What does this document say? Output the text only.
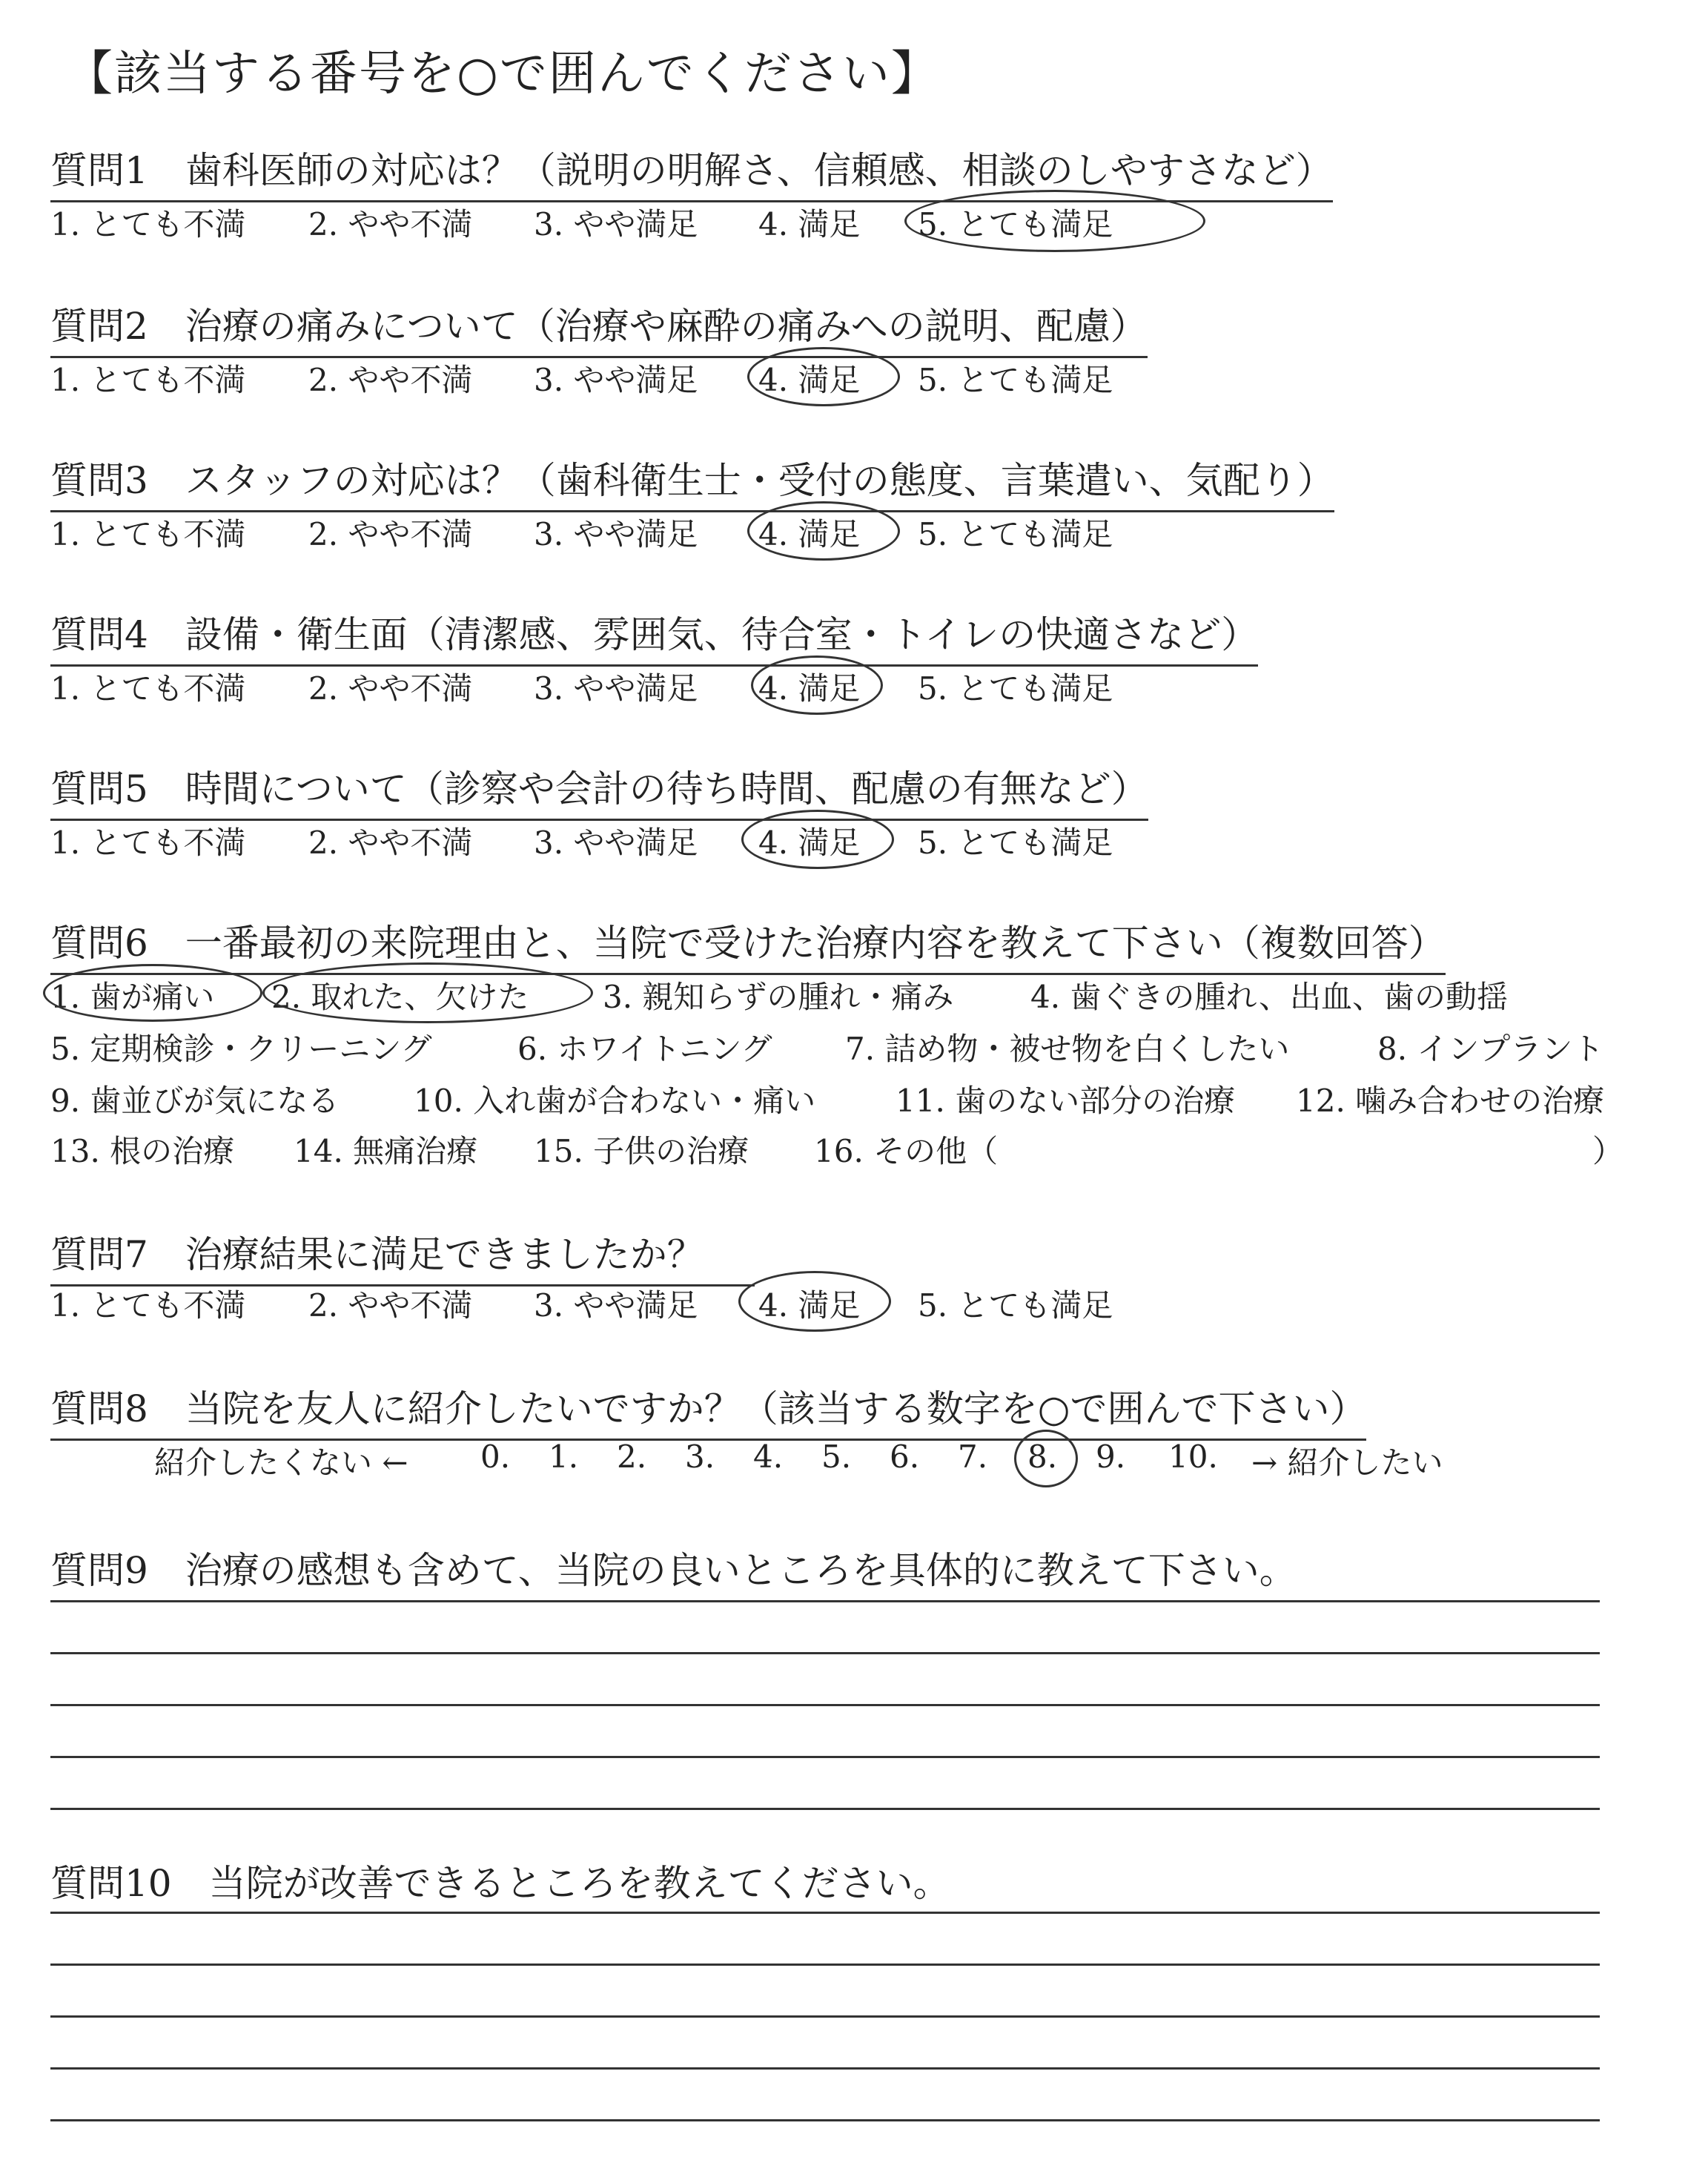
【該当する番号を○で囲んでください】
質問1　歯科医師の対応は？（説明の明解さ、信頼感、相談のしやすさなど）
1. とても不満 2. やや不満 3. やや満足 4. 満足 5. とても満足
質問2　治療の痛みについて（治療や麻酔の痛みへの説明、配慮）
1. とても不満 2. やや不満 3. やや満足 4. 満足 5. とても満足
質問3　スタッフの対応は？（歯科衛生士・受付の態度、言葉遣い、気配り）
1. とても不満 2. やや不満 3. やや満足 4. 満足 5. とても満足
質問4　設備・衛生面（清潔感、雰囲気、待合室・トイレの快適さなど）
1. とても不満 2. やや不満 3. やや満足 4. 満足 5. とても満足
質問5　時間について（診察や会計の待ち時間、配慮の有無など）
1. とても不満 2. やや不満 3. やや満足 4. 満足 5. とても満足
質問6　一番最初の来院理由と、当院で受けた治療内容を教えて下さい（複数回答）
1. 歯が痛い 2. 取れた、欠けた 3. 親知らずの腫れ・痛み 4. 歯ぐきの腫れ、出血、歯の動揺
5. 定期検診・クリーニング	6. ホワイトニング 7. 詰め物・被せ物を白くしたい	8. インプラント
9. 歯並びが気になる 10. 入れ歯が合わない・痛い	11. 歯のない部分の治療 12. 噛み合わせの治療
13. 根の治療 14. 無痛治療 15. 子供の治療 16. その他（	）
質問7　治療結果に満足できましたか？
1. とても不満 2. やや不満 3. やや満足 4. 満足 5. とても満足
質問8　当院を友人に紹介したいですか？（該当する数字を○で囲んで下さい）
紹介したくない ← 0. 1. 2. 3. 4. 5. 6. 7. 8. 9. 10. → 紹介したい
質問9　治療の感想も含めて、当院の良いところを具体的に教えて下さい。
質問10　当院が改善できるところを教えてください。
